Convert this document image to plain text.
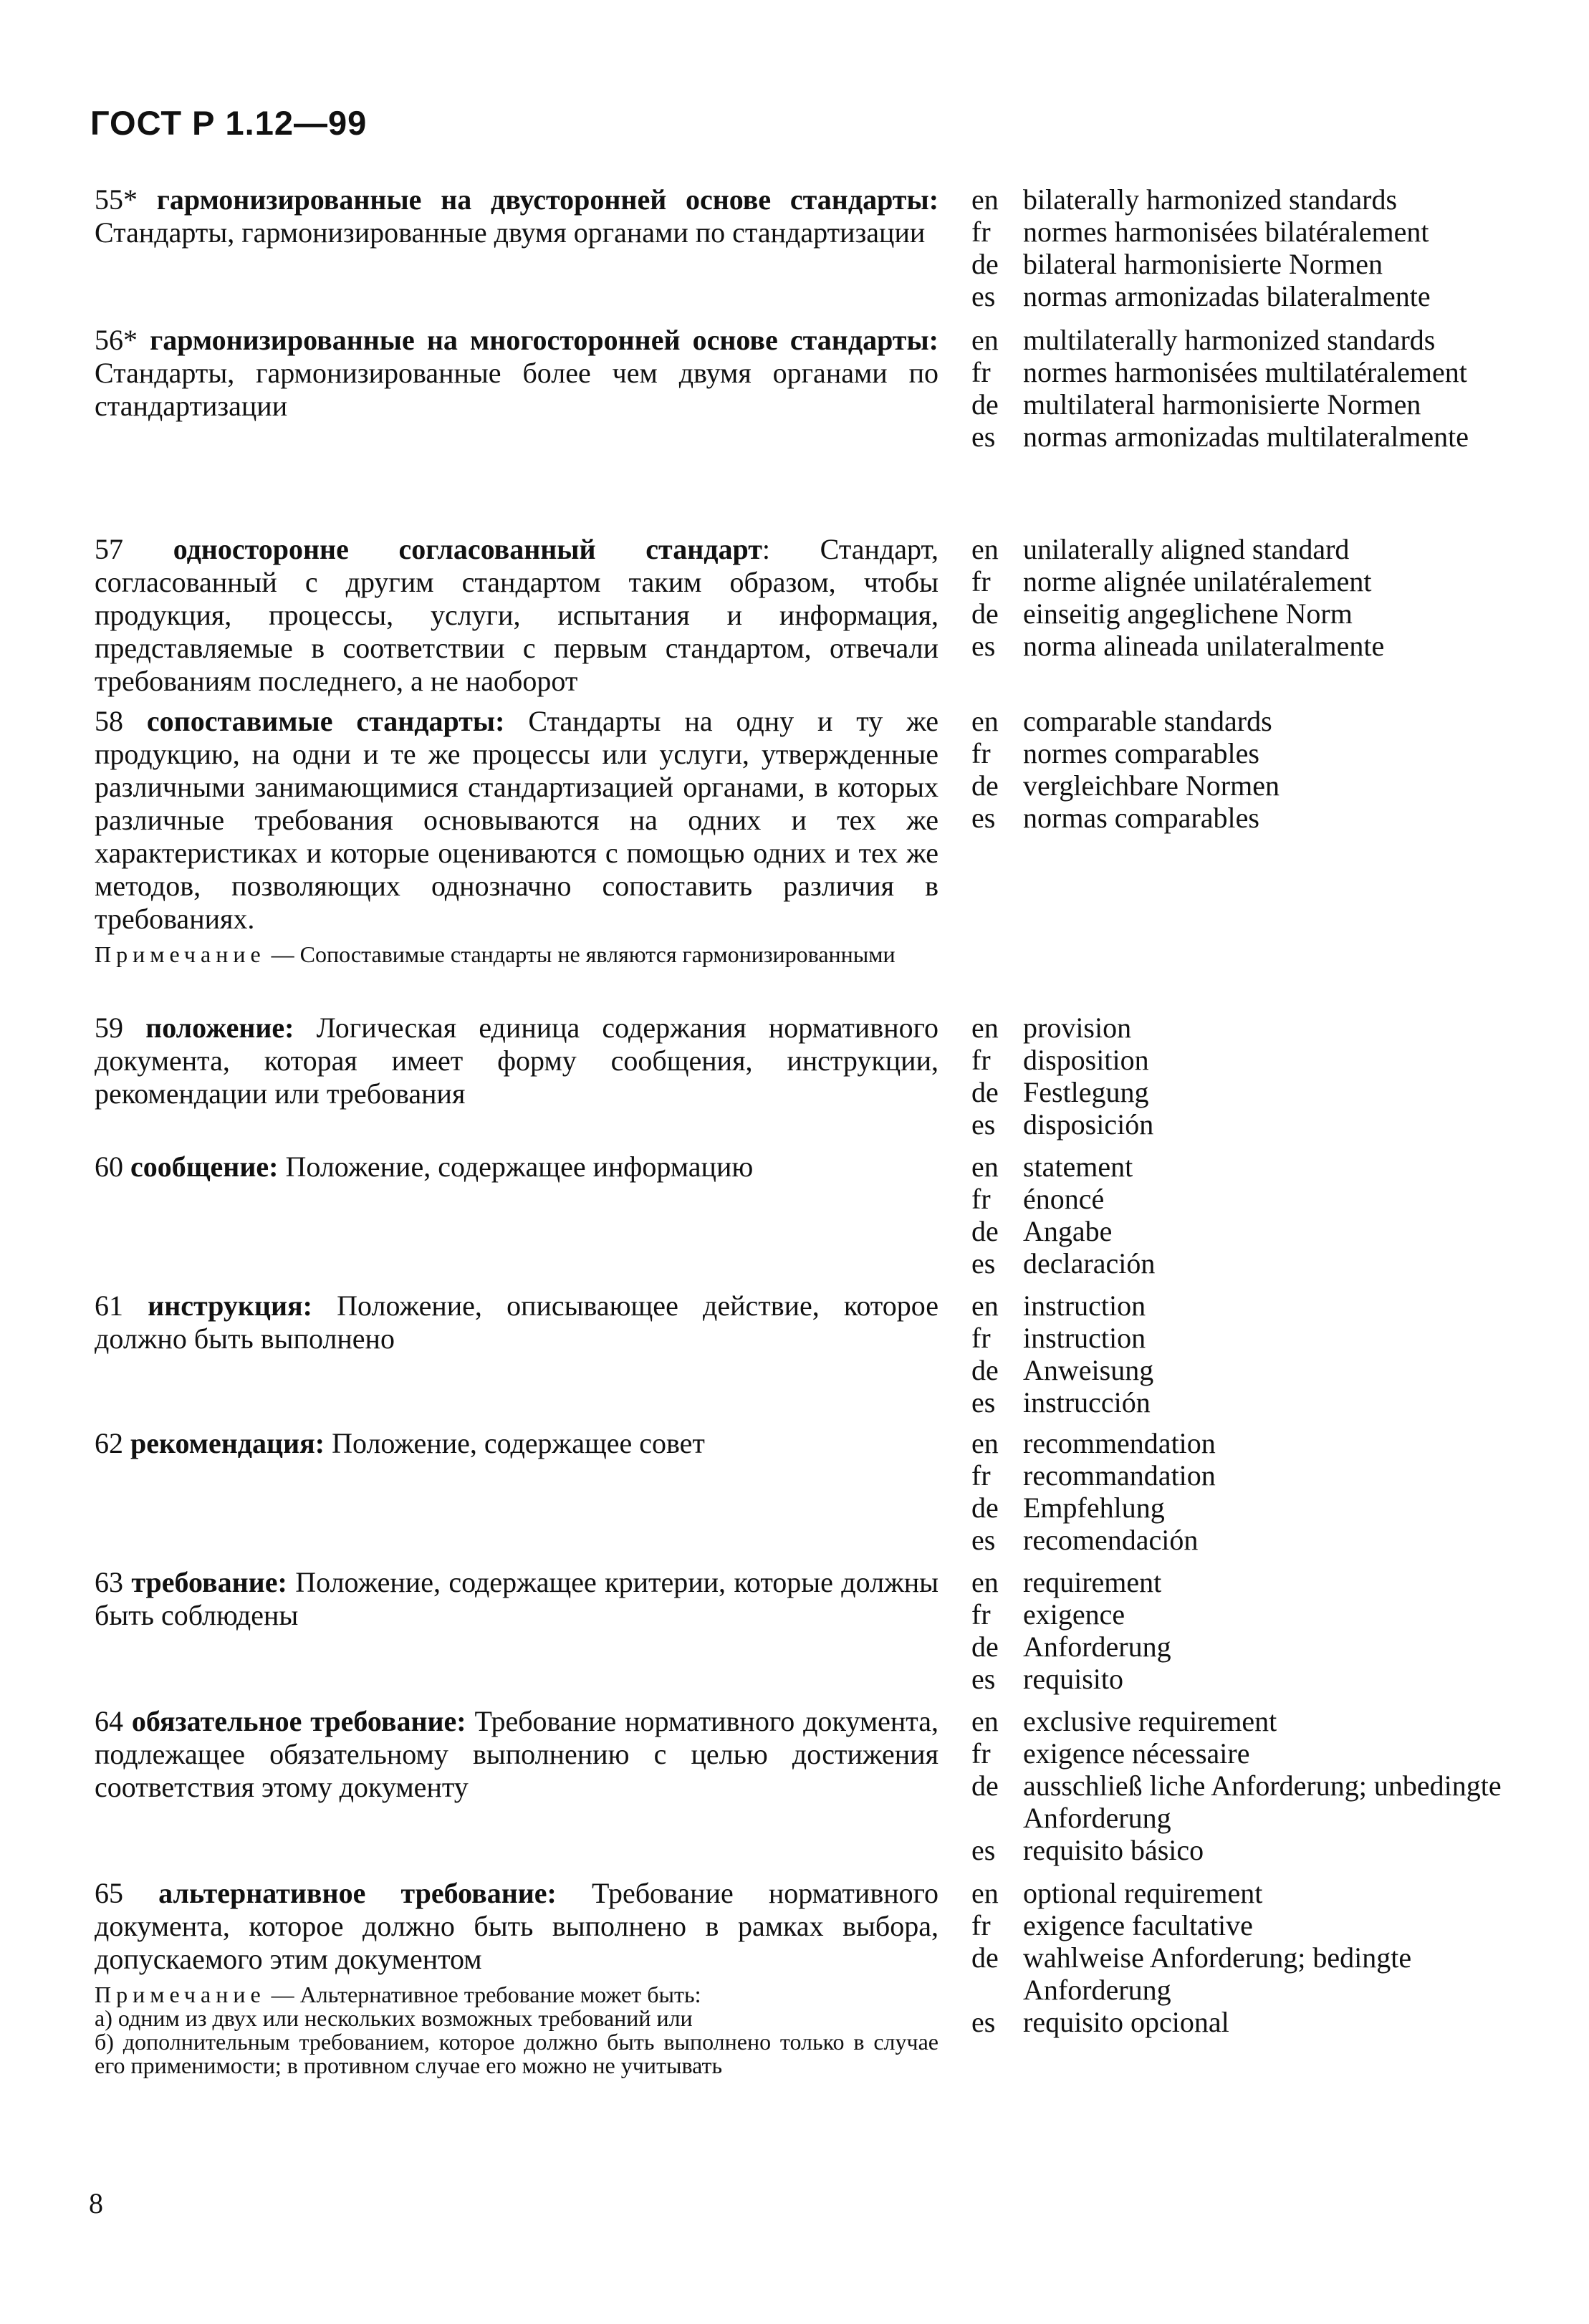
ГОСТ Р 1.12—99
55* гармонизированные на двусторонней основе стандарты: Стандарты, гармонизированные двумя органами по стандартизации
en bilaterally harmonized standards
fr	normes harmonisées bilatéralement
de bilateral harmonisierte Normen
es normas armonizadas bilateralmente
56* гармонизированные на многосторонней основе стандарты: Стандарты, гармонизированные более чем двумя органами по стандартизации
en multilaterally harmonized standards
fr	normes harmonisées multilatéralement
de multilateral harmonisierte Normen
es normas armonizadas multilateralmente
57 односторонне согласованный стандарт: Стандарт, согласованный с другим стандартом таким образом, чтобы продукция, процессы, услуги, испытания и информация, представляемые в соответствии с первым стандартом, отвечали требованиям последнего, а не наоборот
en unilaterally aligned standard
fr	norme alignée unilatéralement
de einseitig angeglichene Norm
es norma alineada unilateralmente
58 сопоставимые стандарты: Стандарты на одну и ту же продукцию, на одни и те же процессы или услуги, утвержденные различными занимающимися стандартизацией органами, в которых различные требования основываются на одних и тех же характеристиках и которые оцениваются с помощью одних и тех же методов, позволяющих однозначно сопоставить различия в требованиях.
Примечание — Сопоставимые стандарты не являются гармонизированными
en comparable standards
fr	normes comparables
de vergleichbare Normen
es normas comparables
59 положение: Логическая единица содержания нормативного документа, которая имеет форму сообщения, инструкции, рекомендации или требования
en provision
fr	disposition
de Festlegung
es disposición
60 сообщение: Положение, содержащее информацию	en statement
fr	énoncé
de Angabe
es declaración
61 инструкция: Положение, описывающее действие, которое должно быть выполнено
en instruction
fr	instruction
de Anweisung
es instrucción
62 рекомендация: Положение, содержащее совет	en recommendation
fr	recommandation
de Empfehlung
es recomendación
63 требование: Положение, содержащее критерии, которые должны быть соблюдены
en requirement
fr	exigence
de Anforderung
es requisito
64 обязательное требование: Требование нормативного документа, подлежащее обязательному выполнению с целью достижения соответствия этому документу
en exclusive requirement
fr	exigence nécessaire
de ausschließ liche Anforderung; unbedingte Anforderung
es requisito básico
65 альтернативное требование: Требование нормативного документа, которое должно быть выполнено в рамках выбора, допускаемого этим документом
Примечание — Альтернативное требование может быть:
а) одним из двух или нескольких возможных требований или
б) дополнительным требованием, которое должно быть выполнено только в случае его применимости; в противном случае его можно не учитывать
en optional requirement
fr	exigence facultative
de wahlweise Anforderung; bedingte Anforderung
es requisito opcional
8
